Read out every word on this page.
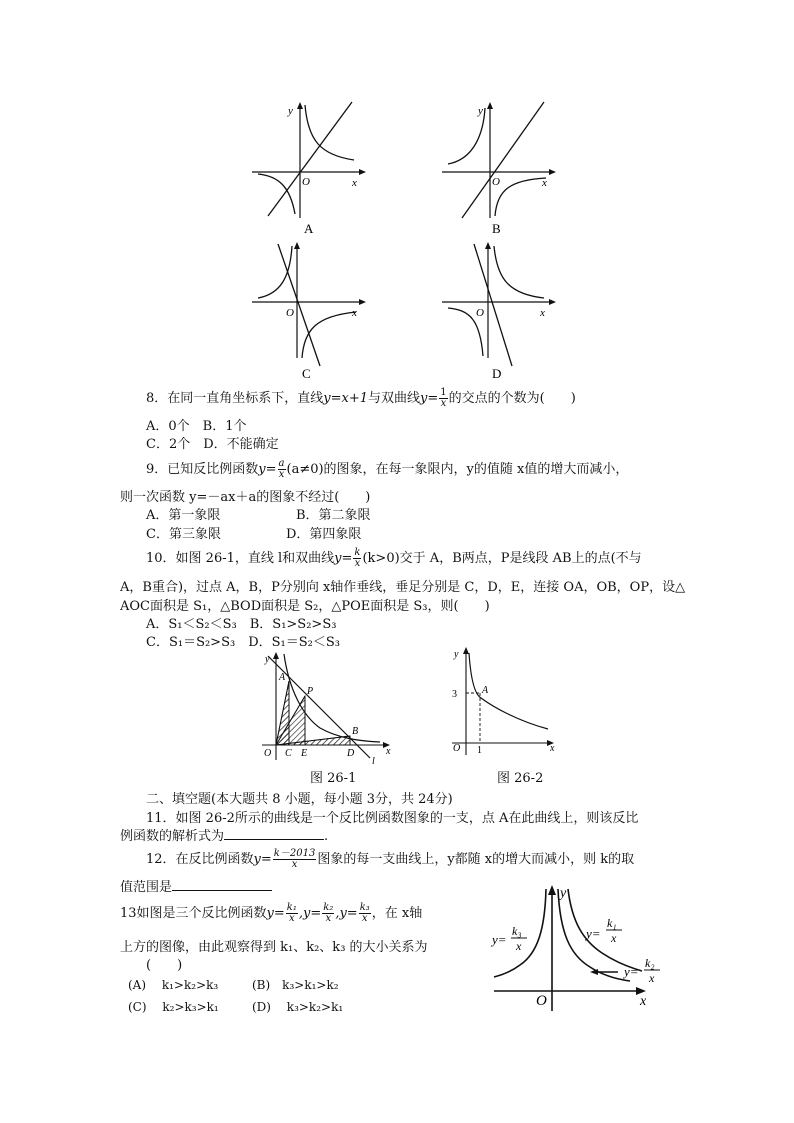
y
O	x
A
y
O	x
B
O	x
C
O	x
D
8．在同一直角坐标系下，直线y=x+1与双曲线$y= \frac{1}{x}$ 的交点的个数为(　　)
A．0个　B．1个
C．2个　D．不能确定
9．已知反比例函数$y= \frac{a}{x} (a\ne 0)$的图象，在每一象限内，y的值随 x值的增大而减小，
则一次函数 y=－ax＋a的图象不经过(　　)
A．第一象限	B．第二象限
C．第三象限	D．第四象限
10．如图 26-1，直线 l和双曲线$y= \frac{k}{x} (k>0)$交于 A，B两点，P是线段 AB上的点(不与
A，B重合)，过点 A，B，P分别向 x轴作垂线，垂足分别是 C，D，E，连接 OA，OB，OP，设△
AOC面积是 S₁，△BOD面积是 S₂，△POE面积是 S₃，则(　　)
A．S₁＜S₂＜S₃　B．S₁>S₂>S₃
C．S₁＝S₂>S₃　D．S₁＝S₂＜S₃
y
A
P
B
O C E	D	x
l
图 26-1
y
3	A
O 1	x
图 26-2
二、填空题(本大题共 8 小题，每小题 3分，共 24分)
11．如图 26-2所示的曲线是一个反比例函数图象的一支，点 A在此曲线上，则该反比
例函数的解析式为	.
12．在反比例函数$y= \frac{k-2013}{x}$ 图象的每一支曲线上，y都随 x的增大而减小，则 k的取
值范围是
13如图是三个反比例函数$y= \frac{\text{k₁}}{x} ,y= \frac{\text{k₂}}{x} ,y= \frac{\text{k₃}}{x}$ ，在 x轴
上方的图像，由此观察得到 k₁、k₂、k₃ 的大小关系为
(　　)
(A)　 k₁>k₂>k₃	(B)　k₃>k₁>k₂
(C)　 k₂>k₃>k₁	(D)　 k₃>k₂>k₁
y
O	x
y=
k₃
x
y=
k₁
x
y=
k₂
x
